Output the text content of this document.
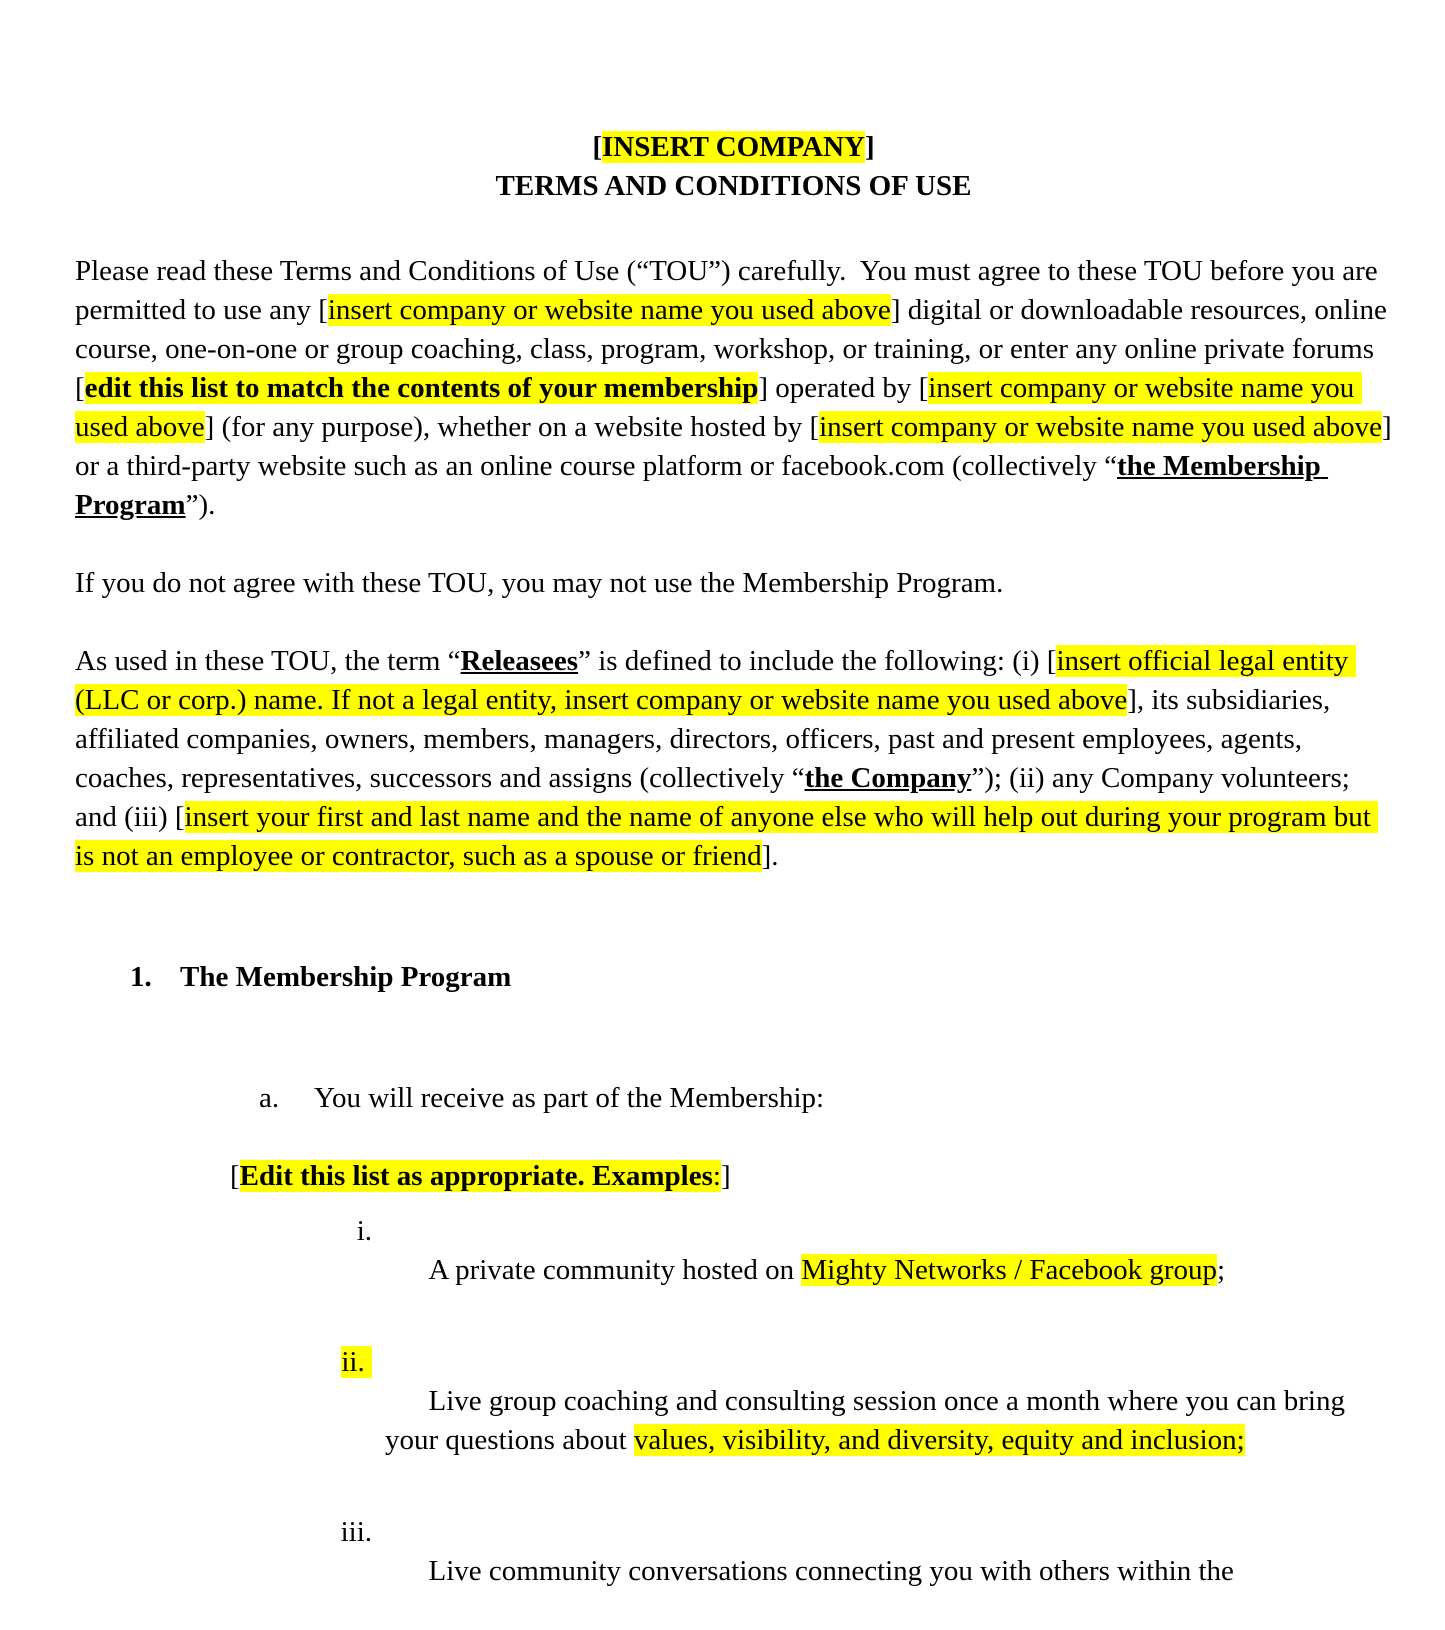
[INSERT COMPANY]
TERMS AND CONDITIONS OF USE

Please read these Terms and Conditions of Use (“TOU”) carefully.  You must agree to these TOU before you are permitted to use any [insert company or website name you used above] digital or downloadable resources, online course, one-on-one or group coaching, class, program, workshop, or training, or enter any online private forums [edit this list to match the contents of your membership] operated by [insert company or website name you used above] (for any purpose), whether on a website hosted by [insert company or website name you used above] or a third-party website such as an online course platform or facebook.com (collectively “the Membership Program”).

If you do not agree with these TOU, you may not use the Membership Program.

As used in these TOU, the term “Releasees” is defined to include the following: (i) [insert official legal entity (LLC or corp.) name. If not a legal entity, insert company or website name you used above], its subsidiaries, affiliated companies, owners, members, managers, directors, officers, past and present employees, agents, coaches, representatives, successors and assigns (collectively “the Company”); (ii) any Company volunteers; and (iii) [insert your first and last name and the name of anyone else who will help out during your program but is not an employee or contractor, such as a spouse or friend].

1. The Membership Program

a. You will receive as part of the Membership:

[Edit this list as appropriate. Examples:]

i.
A private community hosted on Mighty Networks / Facebook group;

ii.
Live group coaching and consulting session once a month where you can bring your questions about values, visibility, and diversity, equity and inclusion;

iii.
Live community conversations connecting you with others within the
